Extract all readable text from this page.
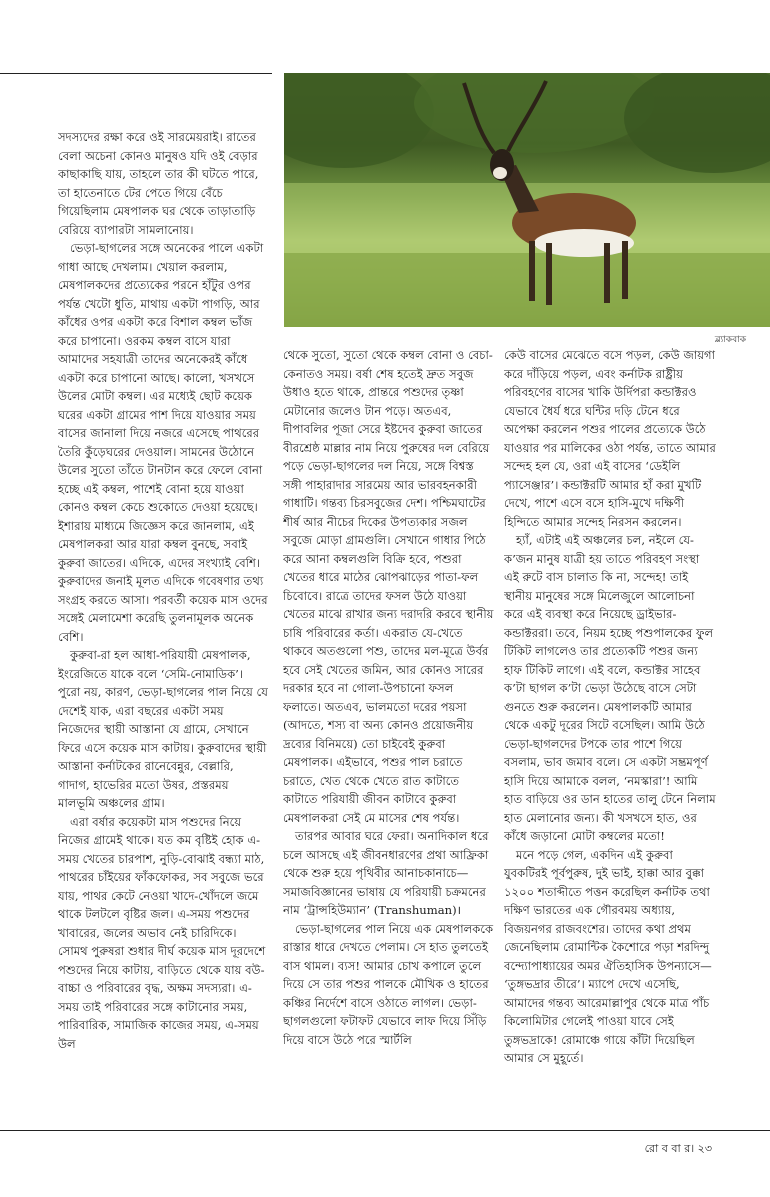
ব্ল্যাকবাক

সদস্যদের রক্ষা করে ওই সারমেয়রাই। রাতের বেলা অচেনা কোনও মানুষও যদি ওই বেড়ার কাছাকাছি যায়, তাহলে তার কী ঘটতে পারে, তা হাতেনাতে টের পেতে গিয়ে বেঁচে গিয়েছিলাম মেষপালক ঘর থেকে তাড়াতাড়ি বেরিয়ে ব্যাপারটা সামলানোয়।

ভেড়া-ছাগলের সঙ্গে অনেকের পালে একটা গাধা আছে দেখলাম। খেয়াল করলাম, মেষপালকদের প্রত্যেকের পরনে হাঁটুর ওপর পর্যন্ত খেটো ধুতি, মাথায় একটা পাগড়ি, আর কাঁধের ওপর একটা করে বিশাল কম্বল ভাঁজ করে চাপানো। ওরকম কম্বল বাসে যারা আমাদের সহযাত্রী তাদের অনেকেরই কাঁধে একটা করে চাপানো আছে। কালো, খসখসে উলের মোটা কম্বল। এর মধ্যেই ছোট কয়েক ঘরের একটা গ্রামের পাশ দিয়ে যাওয়ার সময় বাসের জানালা দিয়ে নজরে এসেছে পাথরের তৈরি কুঁড়েঘরের দেওয়াল। সামনের উঠোনে উলের সুতো তাঁতে টানটান করে ফেলে বোনা হচ্ছে এই কম্বল, পাশেই বোনা হয়ে যাওয়া কোনও কম্বল কেচে শুকোতে দেওয়া হয়েছে। ইশারায় মাধ্যমে জিজ্ঞেস করে জানলাম, এই মেষপালকরা আর যারা কম্বল বুনছে, সবাই কুরুবা জাতের। এদিকে, এদের সংখ্যাই বেশি। কুরুবাদের জনাই মূলত এদিকে গবেষণার তথ্য সংগ্রহ করতে আসা। পরবর্তী কয়েক মাস ওদের সঙ্গেই মেলামেশা করেছি তুলনামূলক অনেক বেশি।

কুরুবা-রা হল আধা-পরিযায়ী মেষপালক, ইংরেজিতে যাকে বলে ‘সেমি-নোমাডিক’। পুরো নয়, কারণ, ভেড়া-ছাগলের পাল নিয়ে যে দেশেই যাক, এরা বছরের একটা সময় নিজেদের স্থায়ী আস্তানা যে গ্রামে, সেখানে ফিরে এসে কয়েক মাস কাটায়। কুরুবাদের স্থায়ী আস্তানা কর্নাটকের রানেবেন্নুর, বেল্লারি, গাদাগ, হাভেরির মতো উষর, প্রস্তরময় মালভূমি অঞ্চলের গ্রাম।

এরা বর্ষার কয়েকটা মাস পশুদের নিয়ে নিজের গ্রামেই থাকে। যত কম বৃষ্টিই হোক এ-সময় খেতের চারপাশ, নুড়ি-বোঝাই বন্ধ্যা মাঠ, পাথরের চাঁইয়ের ফাঁকফোকর, সব সবুজে ভরে যায়, পাথর কেটে নেওয়া খাদে-খোঁদলে জমে থাকে টলটলে বৃষ্টির জল। এ-সময় পশুদের খাবারের, জলের অভাব নেই চারিদিকে। সোমথ পুরুষরা শুধার দীর্ঘ কয়েক মাস দূরদেশে পশুদের নিয়ে কাটায়, বাড়িতে থেকে যায় বউ-বাচ্চা ও পরিবারের বৃদ্ধ, অক্ষম সদস্যরা। এ-সময় তাই পরিবারের সঙ্গে কাটানোর সময়, পারিবারিক, সামাজিক কাজের সময়, এ-সময় উল

থেকে সুতো, সুতো থেকে কম্বল বোনা ও বেচা-কেনাতও সময়। বর্ষা শেষ হতেই দ্রুত সবুজ উধাও হতে থাকে, প্রান্তরে পশুদের তৃষ্ণা মেটানোর জলেও টান পড়ে। অতএব, দীপাবলির পূজা সেরে ইষ্টদেব কুরুবা জাতের বীরশ্রেষ্ঠ মাল্লার নাম নিয়ে পুরুষের দল বেরিয়ে পড়ে ভেড়া-ছাগলের দল নিয়ে, সঙ্গে বিশ্বস্ত সঙ্গী পাহারাদার সারমেয় আর ভারবহনকারী গাধাটি। গন্তব্য চিরসবুজের দেশ। পশ্চিমঘাটের শীর্ষ আর নীচের দিকের উপত্যকার সজল সবুজে মোড়া গ্রামগুলি। সেখানে গাধার পিঠে করে আনা কম্বলগুলি বিক্রি হবে, পশুরা খেতের ধারে মাঠের ঝোপঝাড়ের পাতা-ফল চিবোবে। রাত্রে তাদের ফসল উঠে যাওয়া খেতের মাঝে রাখার জন্য দরাদরি করবে স্থানীয় চাষি পরিবারের কর্তা। একরাত যে-খেতে থাকবে অতগুলো পশু, তাদের মল-মূত্রে উর্বর হবে সেই খেতের জমিন, আর কোনও সারের দরকার হবে না গোলা-উপচানো ফসল ফলাতে। অতএব, ভালমতো দরের পয়সা (আদতে, শস্য বা অন্য কোনও প্রয়োজনীয় দ্রব্যের বিনিময়ে) তো চাইবেই কুরুবা মেষপালক। এইভাবে, পশুর পাল চরাতে চরাতে, খেত থেকে খেতে রাত কাটাতে কাটাতে পরিযায়ী জীবন কাটাবে কুরুবা মেষপালকরা সেই মে মাসের শেষ পর্যন্ত।

তারপর আবার ঘরে ফেরা। অনাদিকাল ধরে চলে আসছে এই জীবনধারণের প্রথা আফ্রিকা থেকে শুরু হয়ে পৃথিবীর আনাচকানাচে— সমাজবিজ্ঞানের ভাষায় যে পরিযায়ী চক্রমনের নাম ‘ট্রান্সহিউম্যান’ (Transhuman)।

ভেড়া-ছাগলের পাল নিয়ে এক মেষপালককে রাস্তার ধারে দেখতে পেলাম। সে হাত তুলতেই বাস থামল। ব্যস! আমার চোখ কপালে তুলে দিয়ে সে তার পশুর পালকে মৌখিক ও হাতের কঞ্চির নির্দেশে বাসে ওঠাতে লাগল। ভেড়া-ছাগলগুলো ফটাফট যেভাবে লাফ দিয়ে সিঁড়ি দিয়ে বাসে উঠে পরে স্মার্টলি

কেউ বাসের মেঝেতে বসে পড়ল, কেউ জায়গা করে দাঁড়িয়ে পড়ল, এবং কর্নাটক রাষ্ট্রীয় পরিবহণের বাসের খাকি উর্দিপরা কন্ডাক্টরও যেভাবে ধৈর্য ধরে ঘন্টির দড়ি টেনে ধরে অপেক্ষা করলেন পশুর পালের প্রত্যেকে উঠে যাওয়ার পর মালিকের ওঠা পর্যন্ত, তাতে আমার সন্দেহ হল যে, ওরা এই বাসের ‘ডেইলি প্যাসেঞ্জার’। কন্ডাক্টরটি আমার হাঁ করা মুখটি দেখে, পাশে এসে বসে হাসি-মুখে দক্ষিণী হিন্দিতে আমার সন্দেহ নিরসন করলেন।

হ্যাঁ, এটাই এই অঞ্চলের চল, নইলে যে-ক’জন মানুষ যাত্রী হয় তাতে পরিবহণ সংস্থা এই রুটে বাস চালাত কি না, সন্দেহ! তাই স্থানীয় মানুষের সঙ্গে মিলেজুলে আলোচনা করে এই ব্যবস্থা করে নিয়েছে ড্রাইভার-কন্ডাক্টররা। তবে, নিয়ম হচ্ছে পশুপালকের ফুল টিকিট লাগলেও তার প্রত্যেকটি পশুর জন্য হাফ টিকিট লাগে। এই বলে, কন্ডাক্টর সাহেব ক’টা ছাগল ক’টা ভেড়া উঠেছে বাসে সেটা গুনতে শুরু করলেন। মেষপালকটি আমার থেকে একটু দূরের সিটে বসেছিল। আমি উঠে ভেড়া-ছাগলদের টপকে তার পাশে গিয়ে বসলাম, ভাব জমাব বলে। সে একটা সম্ভ্রমপূর্ণ হাসি দিয়ে আমাকে বলল, ‘নমস্কারা’! আমি হাত বাড়িয়ে ওর ডান হাতের তালু টেনে নিলাম হাত মেলানোর জন্য। কী খসখসে হাত, ওর কাঁধে জড়ানো মোটা কম্বলের মতো!

মনে পড়ে গেল, একদিন এই কুরুবা যুবকটিরই পূর্বপুরুষ, দুই ভাই, হাক্কা আর বুক্কা ১২০০ শতাব্দীতে পত্তন করেছিল কর্নাটক তথা দক্ষিণ ভারতের এক গৌরবময় অধ্যায়, বিজয়নগর রাজবংশের। তাদের কথা প্রথম জেনেছিলাম রোমান্টিক কৈশোরে পড়া শরদিন্দু বন্দ্যোপাধ্যায়ের অমর ঐতিহাসিক উপন্যাসে— ‘তুঙ্গভদ্রার তীরে’। ম্যাপে দেখে এসেছি, আমাদের গন্তব্য আরেমাল্লাপুর থেকে মাত্র পাঁচ কিলোমিটার গেলেই পাওয়া যাবে সেই তুঙ্গভদ্রাকে! রোমাঞ্চে গায়ে কাঁটা দিয়েছিল আমার সে মুহূর্তে।

রো ব বা র। ২৩
